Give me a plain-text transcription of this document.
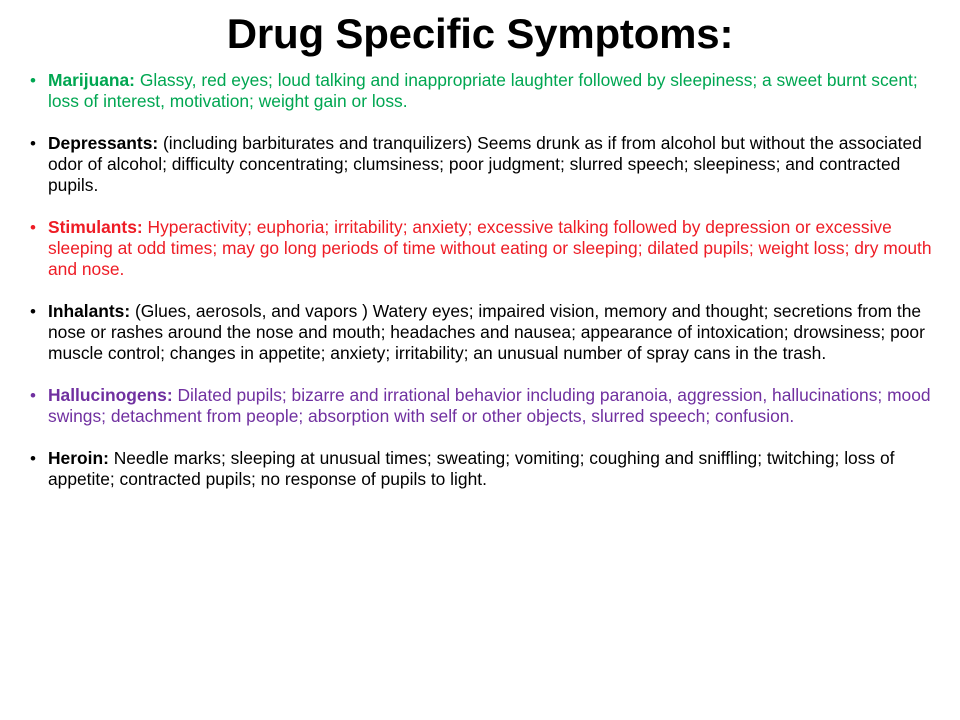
Drug Specific Symptoms:
• Marijuana: Glassy, red eyes; loud talking and inappropriate laughter followed by sleepiness; a sweet burnt scent; loss of interest, motivation; weight gain or loss.
• Depressants: (including barbiturates and tranquilizers) Seems drunk as if from alcohol but without the associated odor of alcohol; difficulty concentrating; clumsiness; poor judgment; slurred speech; sleepiness; and contracted pupils.
• Stimulants: Hyperactivity; euphoria; irritability; anxiety; excessive talking followed by depression or excessive sleeping at odd times; may go long periods of time without eating or sleeping; dilated pupils; weight loss; dry mouth and nose.
• Inhalants: (Glues, aerosols, and vapors ) Watery eyes; impaired vision, memory and thought; secretions from the nose or rashes around the nose and mouth; headaches and nausea; appearance of intoxication; drowsiness; poor muscle control; changes in appetite; anxiety; irritability; an unusual number of spray cans in the trash.
• Hallucinogens: Dilated pupils; bizarre and irrational behavior including paranoia, aggression, hallucinations; mood swings; detachment from people; absorption with self or other objects, slurred speech; confusion.
• Heroin: Needle marks; sleeping at unusual times; sweating; vomiting; coughing and sniffling; twitching; loss of appetite; contracted pupils; no response of pupils to light.
